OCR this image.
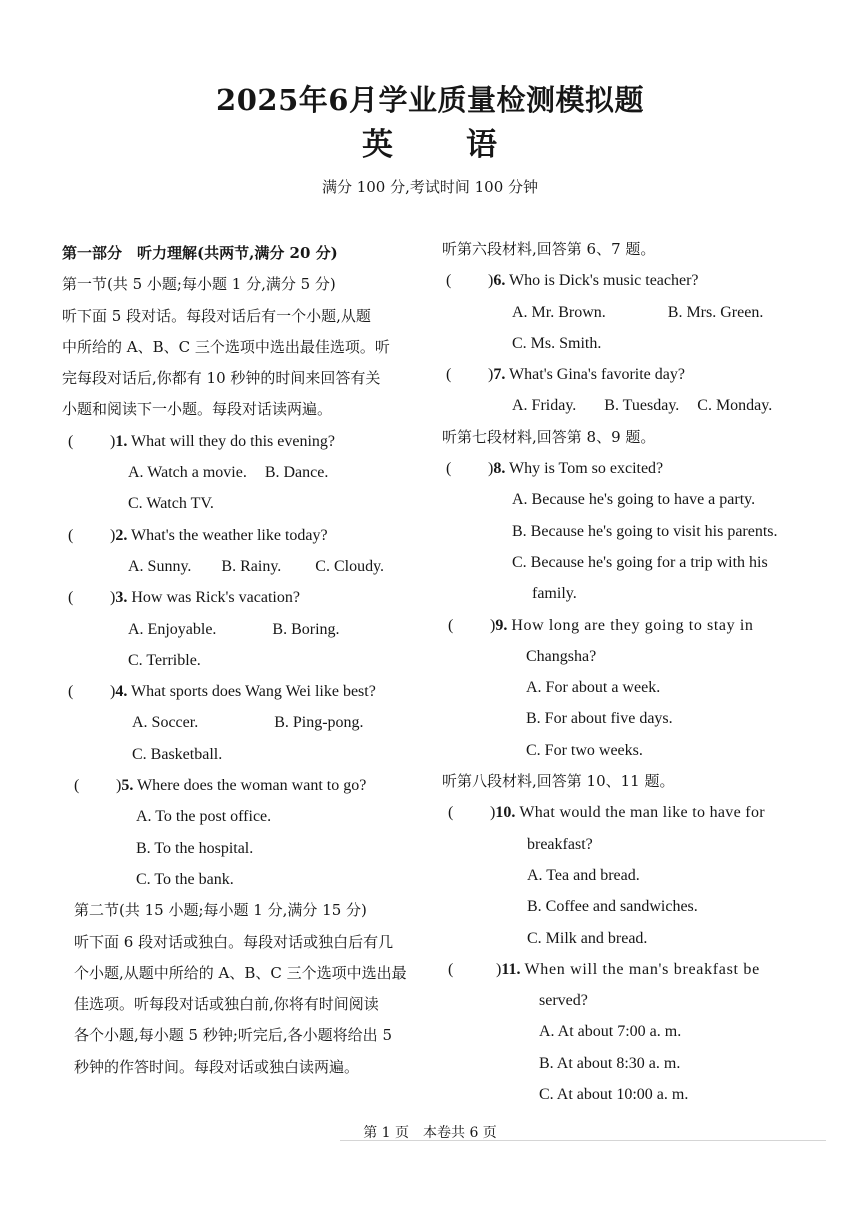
2025年6月学业质量检测模拟题
英 语
满分 100 分,考试时间 100 分钟
第一部分　听力理解(共两节,满分 20 分)
第一节(共 5 小题;每小题 1 分,满分 5 分)
听下面 5 段对话。每段对话后有一个小题,从题
中所给的 A、B、C 三个选项中选出最佳选项。听
完每段对话后,你都有 10 秒钟的时间来回答有关
小题和阅读下一小题。每段对话读两遍。
( )1. What will they do this evening?
A. Watch a movie. B. Dance.
C. Watch TV.
( )2. What's the weather like today?
A. Sunny. B. Rainy. C. Cloudy.
( )3. How was Rick's vacation?
A. Enjoyable.	B. Boring.
C. Terrible.
( )4. What sports does Wang Wei like best?
A. Soccer.	B. Ping-pong.
C. Basketball.
( )5. Where does the woman want to go?
A. To the post office.
B. To the hospital.
C. To the bank.
第二节(共 15 小题;每小题 1 分,满分 15 分)
听下面 6 段对话或独白。每段对话或独白后有几
个小题,从题中所给的 A、B、C 三个选项中选出最
佳选项。听每段对话或独白前,你将有时间阅读
各个小题,每小题 5 秒钟;听完后,各小题将给出 5
秒钟的作答时间。每段对话或独白读两遍。
听第六段材料,回答第 6、7 题。
( )6. Who is Dick's music teacher?
A. Mr. Brown.	B. Mrs. Green.
C. Ms. Smith.
( )7. What's Gina's favorite day?
A. Friday. B. Tuesday. C. Monday.
听第七段材料,回答第 8、9 题。
( )8. Why is Tom so excited?
A. Because he's going to have a party.
B. Because he's going to visit his parents.
C. Because he's going for a trip with his
family.
( )9. How long are they going to stay in
Changsha?
A. For about a week.
B. For about five days.
C. For two weeks.
听第八段材料,回答第 10、11 题。
( )10. What would the man like to have for
breakfast?
A. Tea and bread.
B. Coffee and sandwiches.
C. Milk and bread.
(	)11. When will the man's breakfast be
served?
A. At about 7:00 a. m.
B. At about 8:30 a. m.
C. At about 10:00 a. m.
第 1 页　本卷共 6 页
